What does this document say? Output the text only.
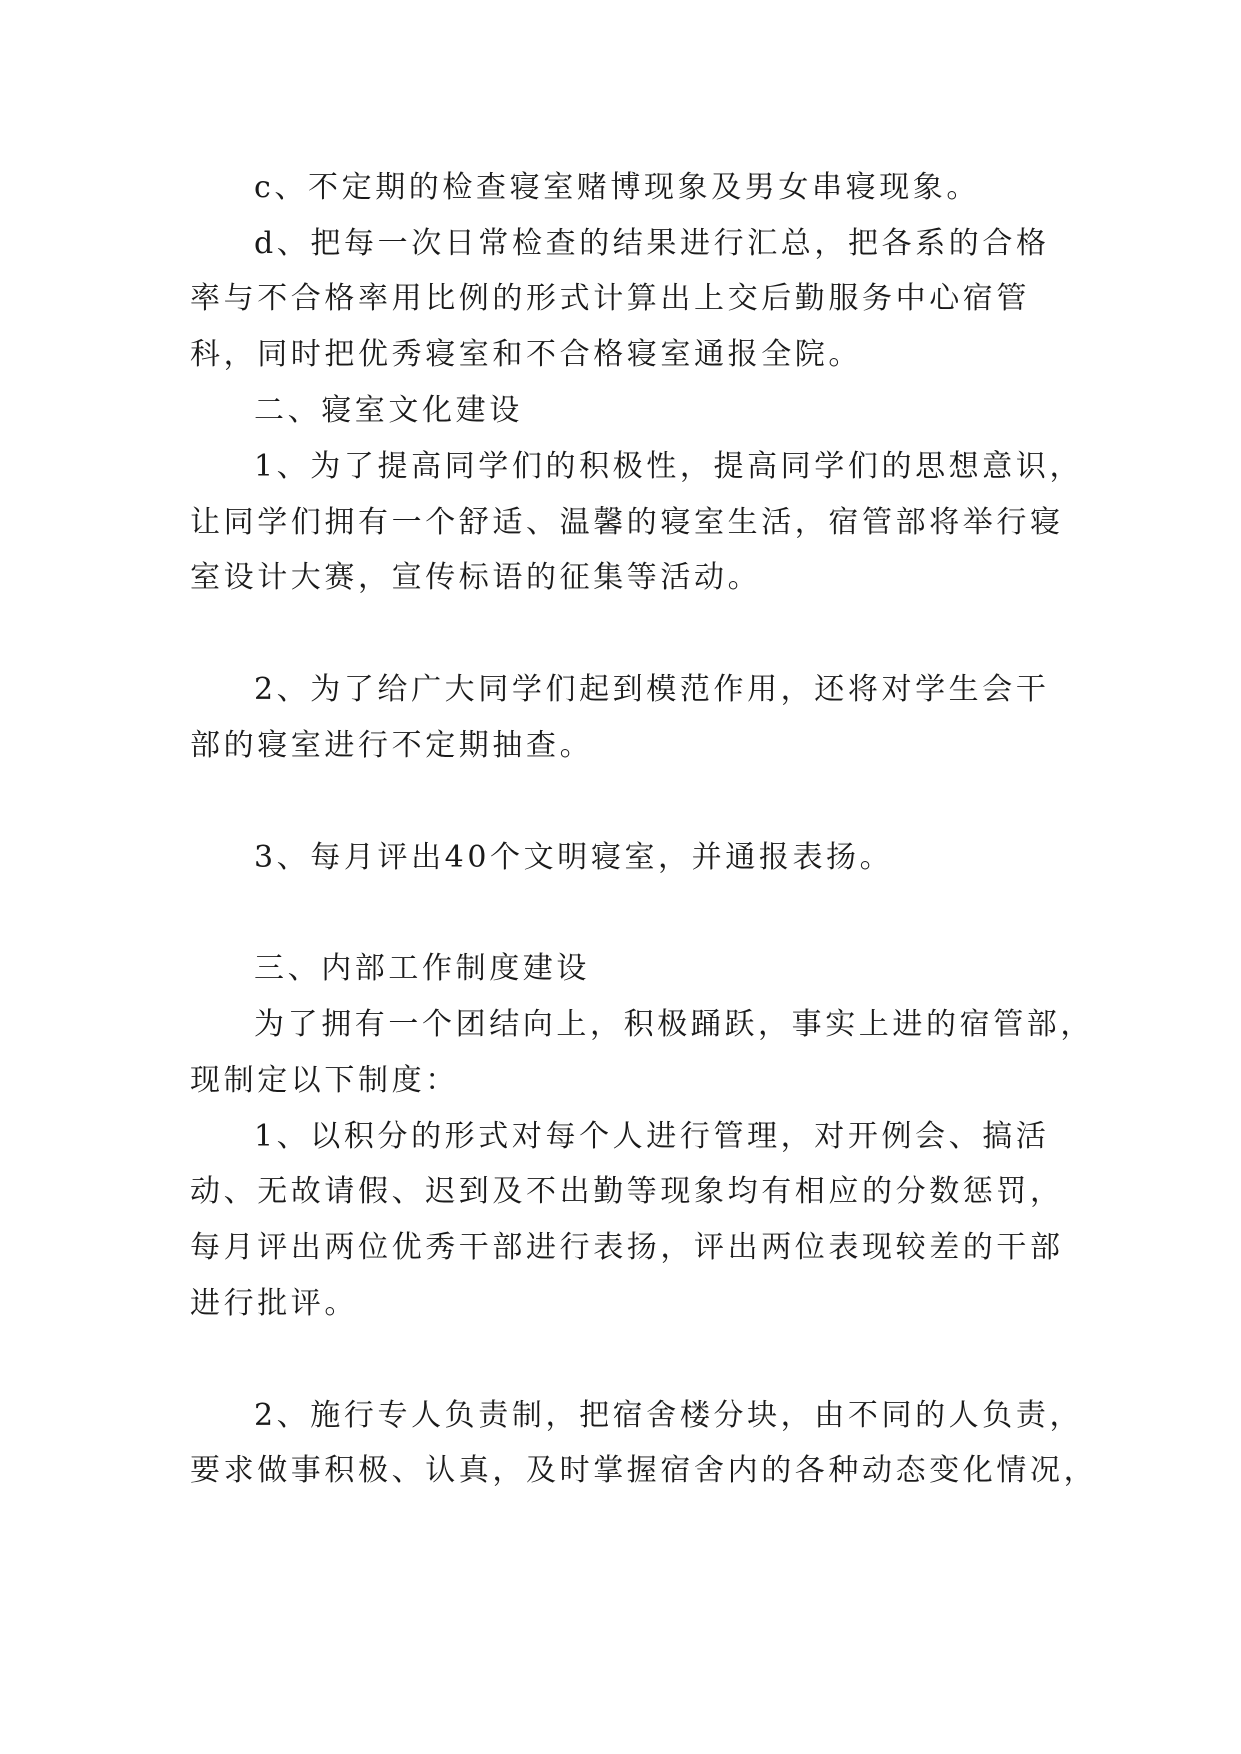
c、不定期的检查寝室赌博现象及男女串寝现象。

d、把每一次日常检查的结果进行汇总，把各系的合格

率与不合格率用比例的形式计算出上交后勤服务中心宿管

科，同时把优秀寝室和不合格寝室通报全院。

二、寝室文化建设

1、为了提高同学们的积极性，提高同学们的思想意识，

让同学们拥有一个舒适、温馨的寝室生活，宿管部将举行寝

室设计大赛，宣传标语的征集等活动。

2、为了给广大同学们起到模范作用，还将对学生会干

部的寝室进行不定期抽查。

3、每月评出40个文明寝室，并通报表扬。

三、内部工作制度建设

为了拥有一个团结向上，积极踊跃，事实上进的宿管部，

现制定以下制度：

1、以积分的形式对每个人进行管理，对开例会、搞活

动、无故请假、迟到及不出勤等现象均有相应的分数惩罚，

每月评出两位优秀干部进行表扬，评出两位表现较差的干部

进行批评。

2、施行专人负责制，把宿舍楼分块，由不同的人负责，

要求做事积极、认真，及时掌握宿舍内的各种动态变化情况，
